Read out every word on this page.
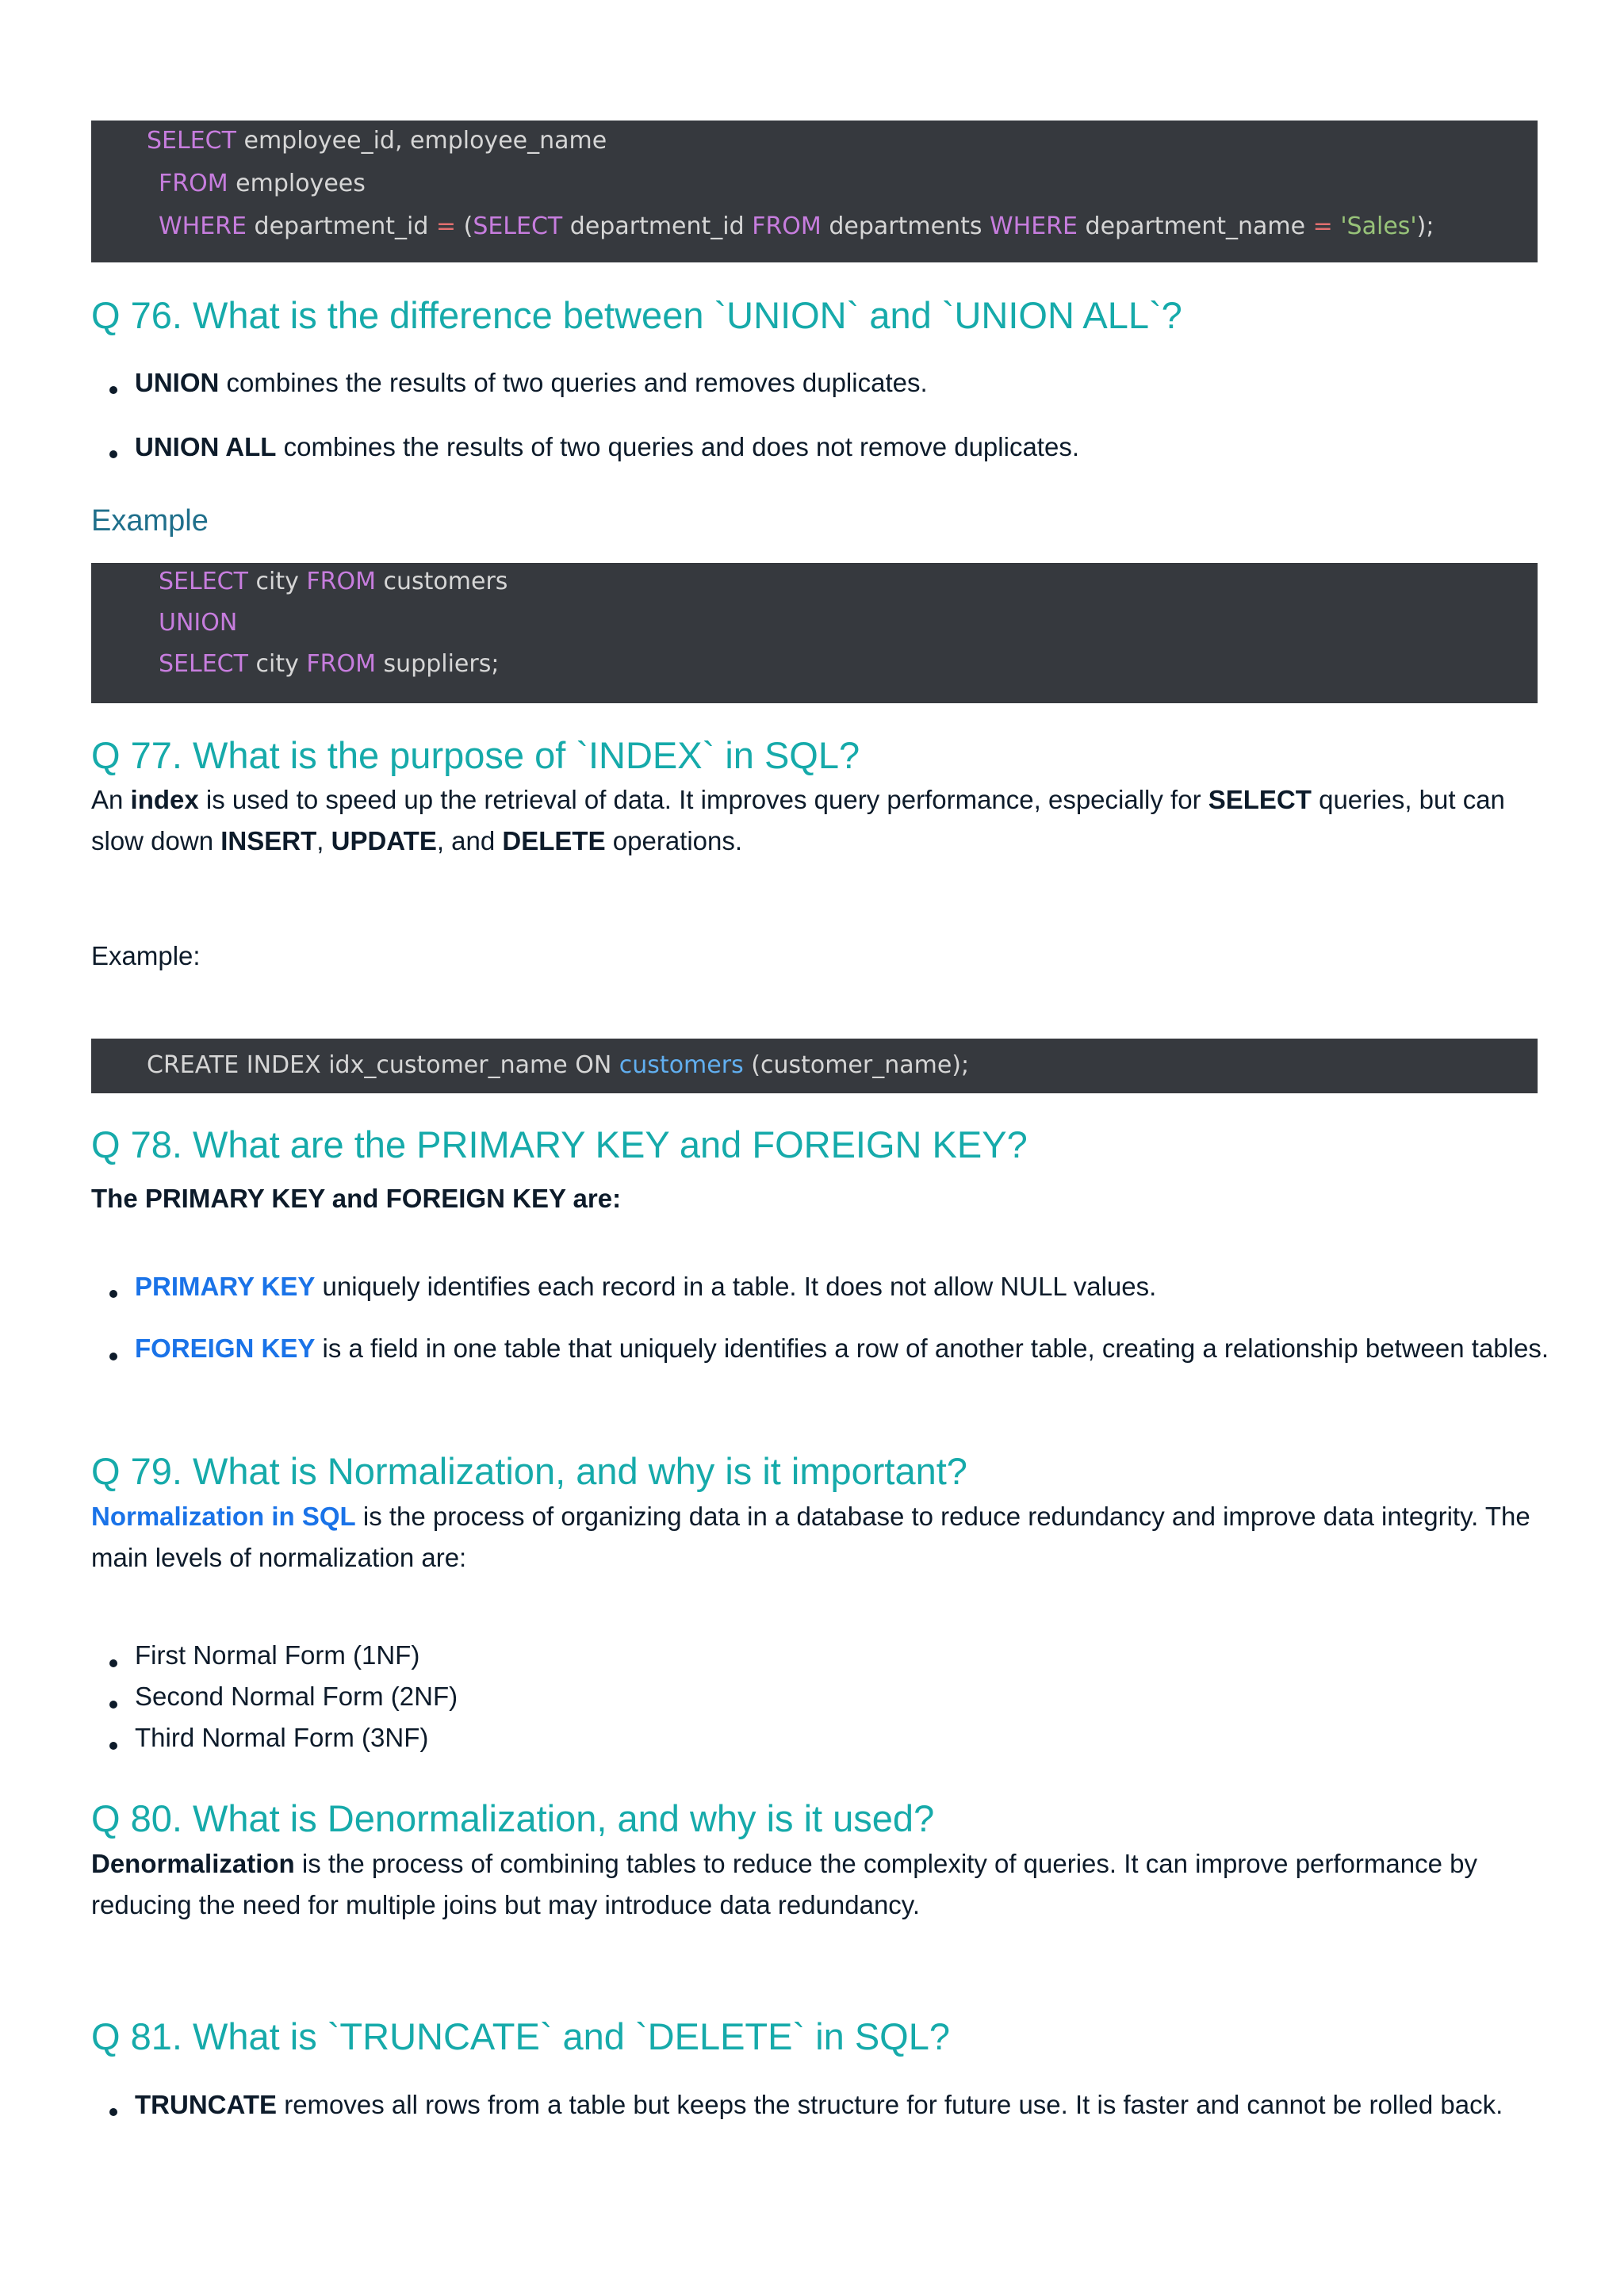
SELECT employee_id, employee_name
FROM employees
WHERE department_id = (SELECT department_id FROM departments WHERE department_name = 'Sales');
Q 76. What is the difference between `UNION` and `UNION ALL`?
UNION combines the results of two queries and removes duplicates.
UNION ALL combines the results of two queries and does not remove duplicates.
Example
SELECT city FROM customers
UNION
SELECT city FROM suppliers;
Q 77. What is the purpose of `INDEX` in SQL?
An index is used to speed up the retrieval of data. It improves query performance, especially for SELECT queries, but can slow down INSERT, UPDATE, and DELETE operations.
Example:
CREATE INDEX idx_customer_name ON customers (customer_name);
Q 78. What are the PRIMARY KEY and FOREIGN KEY?
The PRIMARY KEY and FOREIGN KEY are:
PRIMARY KEY uniquely identifies each record in a table. It does not allow NULL values.
FOREIGN KEY is a field in one table that uniquely identifies a row of another table, creating a relationship between tables.
Q 79. What is Normalization, and why is it important?
Normalization in SQL is the process of organizing data in a database to reduce redundancy and improve data integrity. The main levels of normalization are:
First Normal Form (1NF)
Second Normal Form (2NF)
Third Normal Form (3NF)
Q 80. What is Denormalization, and why is it used?
Denormalization is the process of combining tables to reduce the complexity of queries. It can improve performance by reducing the need for multiple joins but may introduce data redundancy.
Q 81. What is `TRUNCATE` and `DELETE` in SQL?
TRUNCATE removes all rows from a table but keeps the structure for future use. It is faster and cannot be rolled back.
